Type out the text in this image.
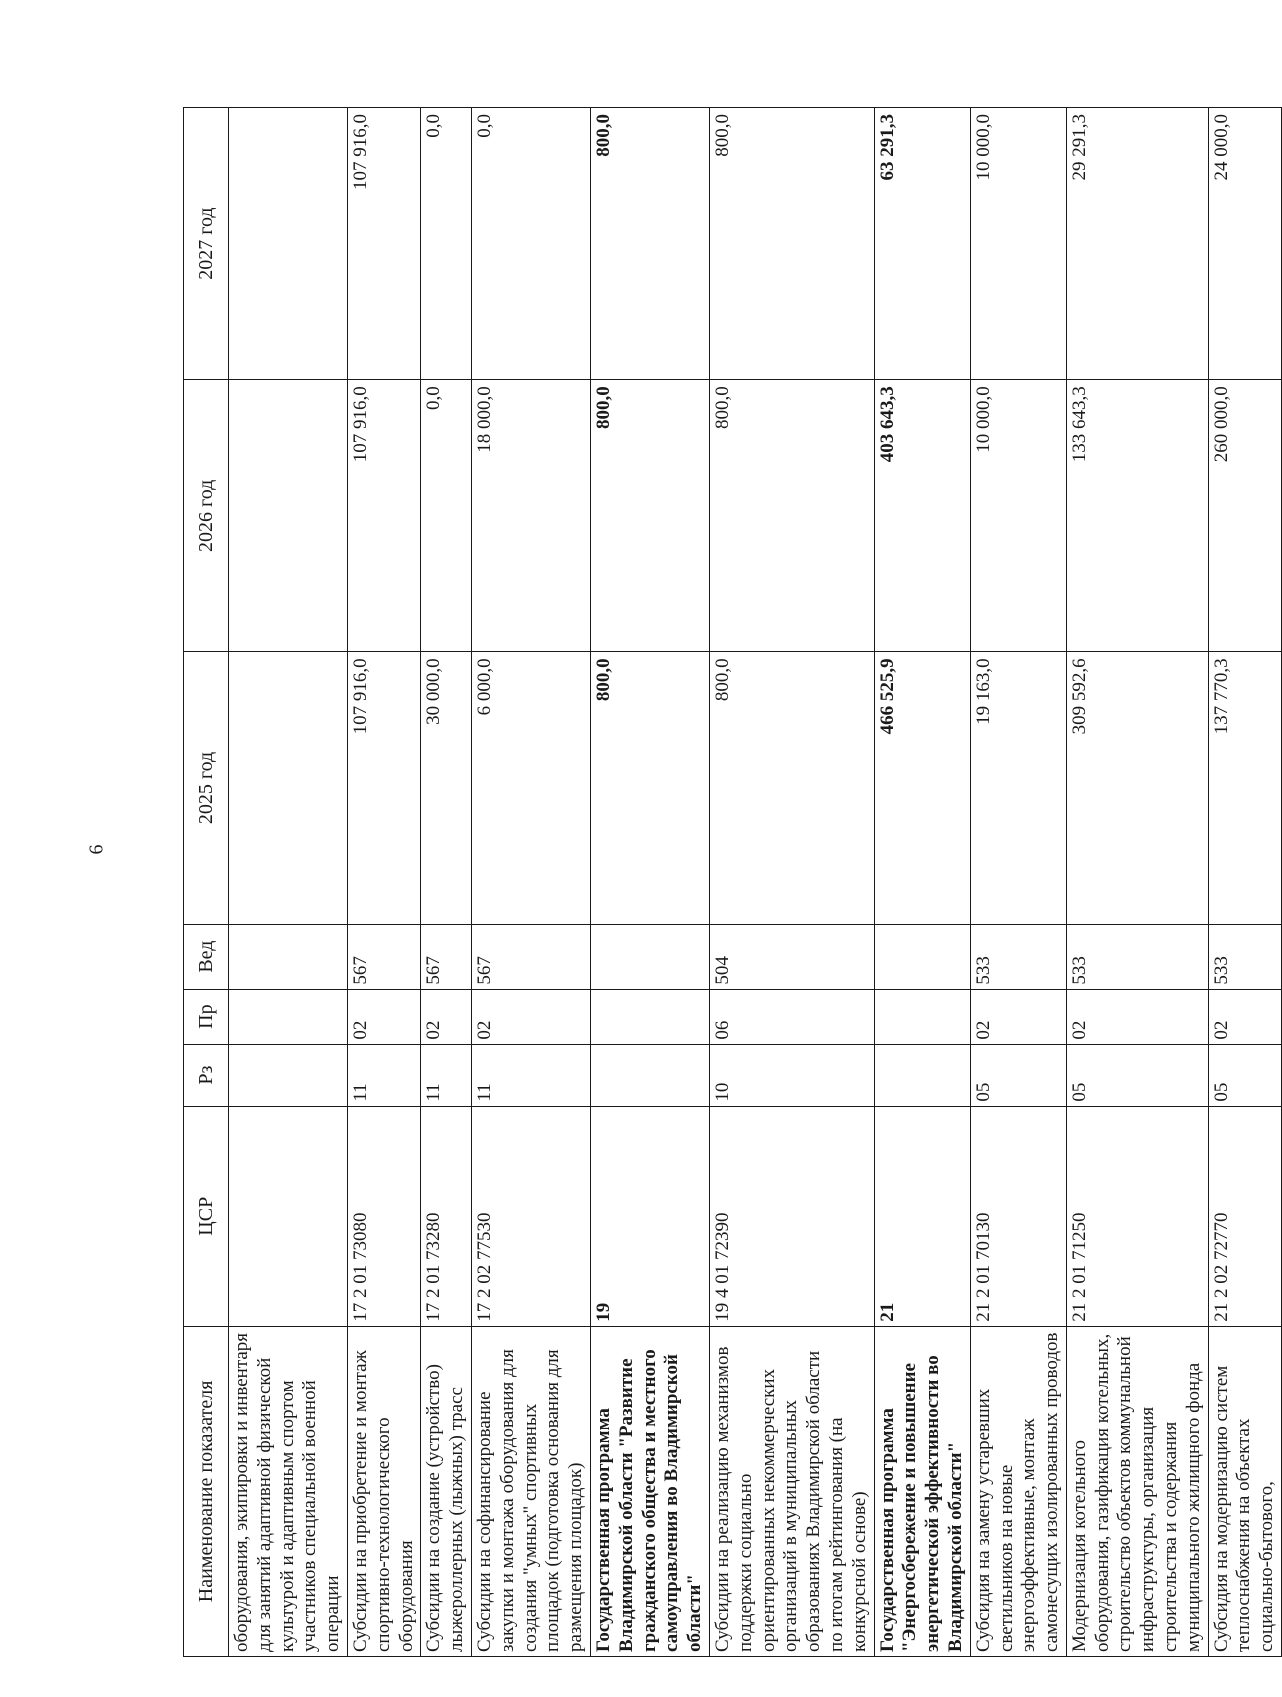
6
Наименование показателя	ЦСР	Рз	Пр	Вед	2025 год	2026 год	2027 год
оборудования, экипировки и инвентаря для занятий адаптивной физической культурой и адаптивным спортом участников специальной военной операции							
Субсидии на приобретение и монтаж спортивно-технологического оборудования	17 2 01 73080	11	02	567	107 916,0	107 916,0	107 916,0
Субсидии на создание (устройство) лыжероллерных (лыжных) трасс	17 2 01 73280	11	02	567	30 000,0	0,0	0,0
Субсидии на софинансирование закупки и монтажа оборудования для создания "умных" спортивных площадок (подготовка основания для размещения площадок)	17 2 02 77530	11	02	567	6 000,0	18 000,0	0,0
Государственная программа Владимирской области "Развитие гражданского общества и местного самоуправления во Владимирской области"	19				800,0	800,0	800,0
Субсидии на реализацию механизмов поддержки социально ориентированных некоммерческих организаций в муниципальных образованиях Владимирской области по итогам рейтингования (на конкурсной основе)	19 4 01 72390	10	06	504	800,0	800,0	800,0
Государственная программа "Энергосбережение и повышение энергетической эффективности во Владимирской области"	21				466 525,9	403 643,3	63 291,3
Субсидия на замену устаревших светильников на новые энергоэффективные, монтаж самонесущих изолированных проводов	21 2 01 70130	05	02	533	19 163,0	10 000,0	10 000,0
Модернизация котельного оборудования, газификация котельных, строительство объектов коммунальной инфраструктуры, организация строительства и содержания муниципального жилищного фонда	21 2 01 71250	05	02	533	309 592,6	133 643,3	29 291,3
Субсидия на модернизацию систем теплоснабжения на объектах социально-бытового,	21 2 02 72770	05	02	533	137 770,3	260 000,0	24 000,0
